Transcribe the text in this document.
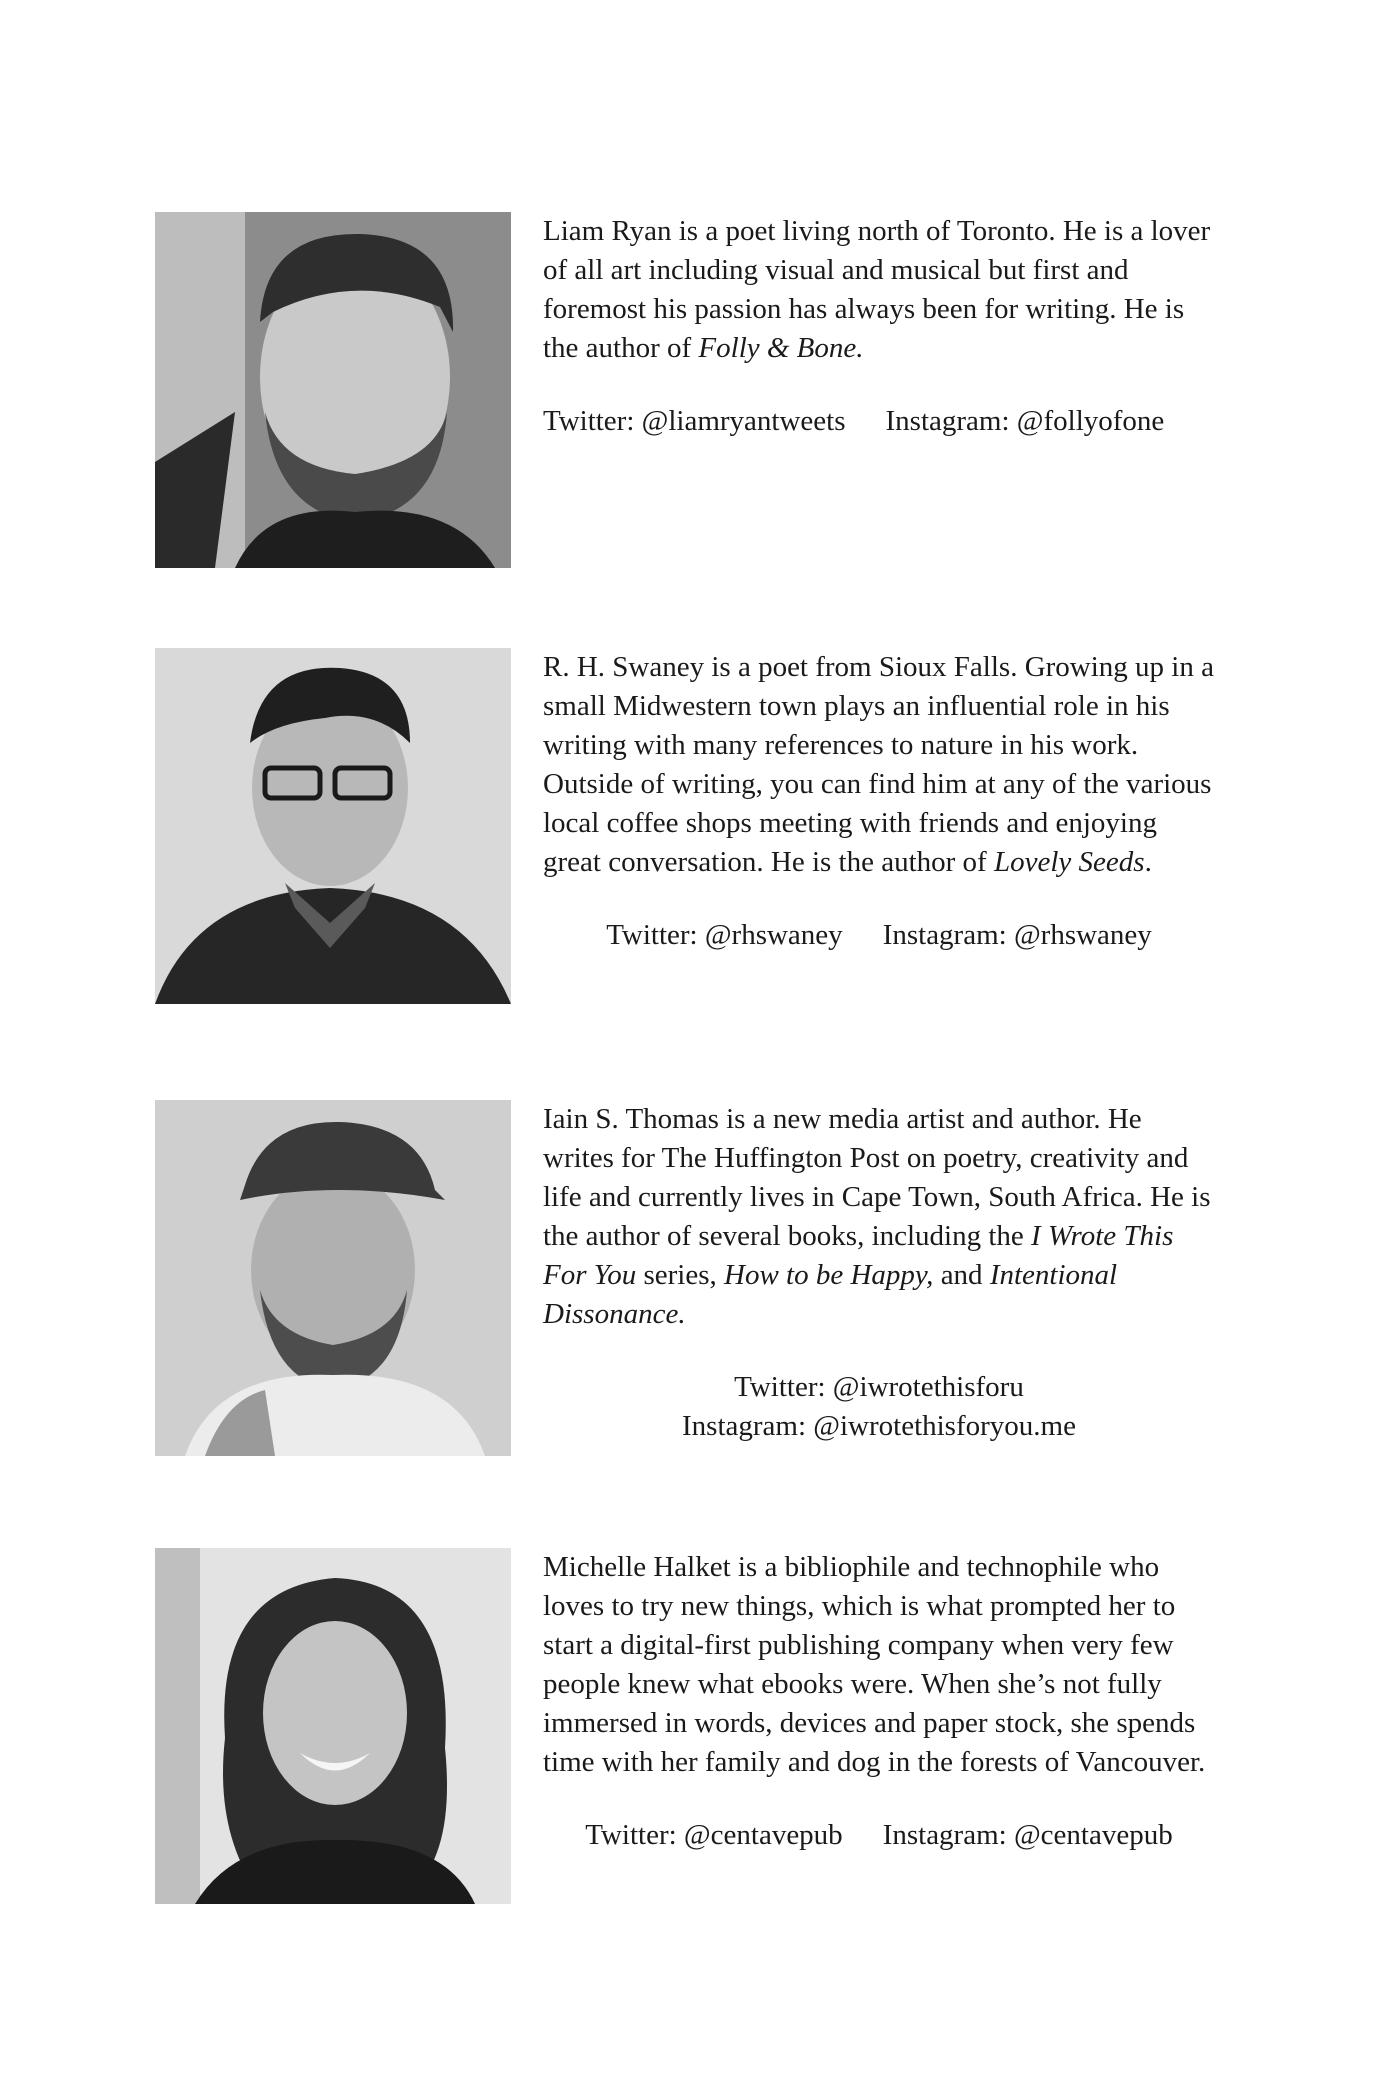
Liam Ryan is a poet living north of Toronto. He is a lover of all art including visual and musical but first and foremost his passion has always been for writing. He is the author of Folly & Bone.

Twitter: @liamryantweets Instagram: @follyofone

R. H. Swaney is a poet from Sioux Falls. Growing up in a small Midwestern town plays an influential role in his writing with many references to nature in his work. Outside of writing, you can find him at any of the various local coffee shops meeting with friends and enjoying great conversation. He is the author of Lovely Seeds.

Twitter: @rhswaney Instagram: @rhswaney

Iain S. Thomas is a new media artist and author. He writes for The Huffington Post on poetry, creativity and life and currently lives in Cape Town, South Africa. He is the author of several books, including the I Wrote This For You series, How to be Happy, and Intentional Dissonance.

Twitter: @iwrotethisforu
Instagram: @iwrotethisforyou.me

Michelle Halket is a bibliophile and technophile who loves to try new things, which is what prompted her to start a digital-first publishing company when very few people knew what ebooks were. When she’s not fully immersed in words, devices and paper stock, she spends time with her family and dog in the forests of Vancouver.

Twitter: @centavepub Instagram: @centavepub
